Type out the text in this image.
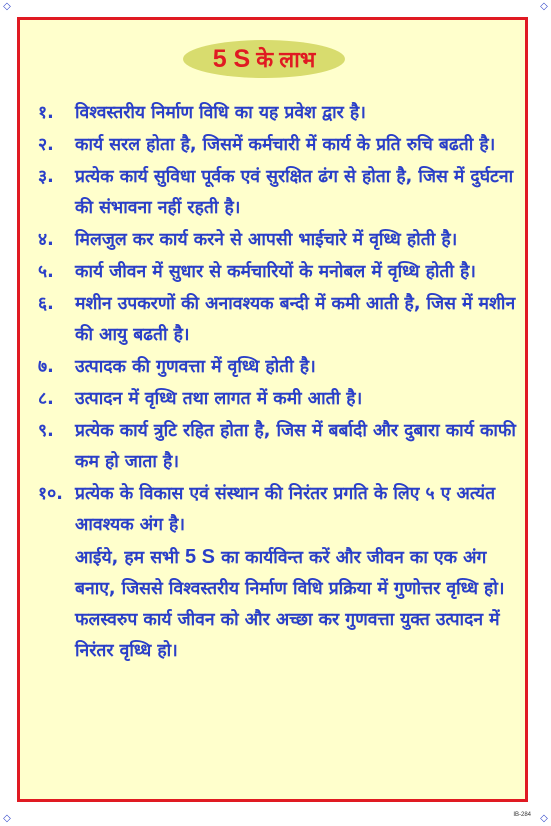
◇	◇
◇	◇
5 S के लाभ
१.	विश्वस्तरीय निर्माण विधि का यह प्रवेश द्वार है।
२.	कार्य सरल होता है, जिसमें कर्मचारी में कार्य के प्रति रुचि बढती है।
३.	प्रत्येक कार्य सुविधा पूर्वक एवं सुरक्षित ढंग से होता है, जिस में दुर्घटना की संभावना नहीं रहती है।
४.	मिलजुल कर कार्य करने से आपसी भाईचारे में वृध्धि होती है।
५.	कार्य जीवन में सुधार से कर्मचारियों के मनोबल में वृध्धि होती है।
६.	मशीन उपकरणों की अनावश्यक बन्दी में कमी आती है, जिस में मशीन की आयु बढती है।
७.	उत्पादक की गुणवत्ता में वृध्धि होती है।
८.	उत्पादन में वृध्धि तथा लागत में कमी आती है।
९.	प्रत्येक कार्य त्रुटि रहित होता है, जिस में बर्बादी और दुबारा कार्य काफी कम हो जाता है।
१०. प्रत्येक के विकास एवं संस्थान की निरंतर प्रगति के लिए ५ ए अत्यंत आवश्यक अंग है।
आईये, हम सभी 5 S का कार्यविन्त करें और जीवन का एक अंग बनाए, जिससे विश्वस्तरीय निर्माण विधि प्रक्रिया में गुणोत्तर वृध्धि हो। फलस्वरुप कार्य जीवन को और अच्छा कर गुणवत्ता युक्त उत्पादन में निरंतर वृध्धि हो।
IB-284
